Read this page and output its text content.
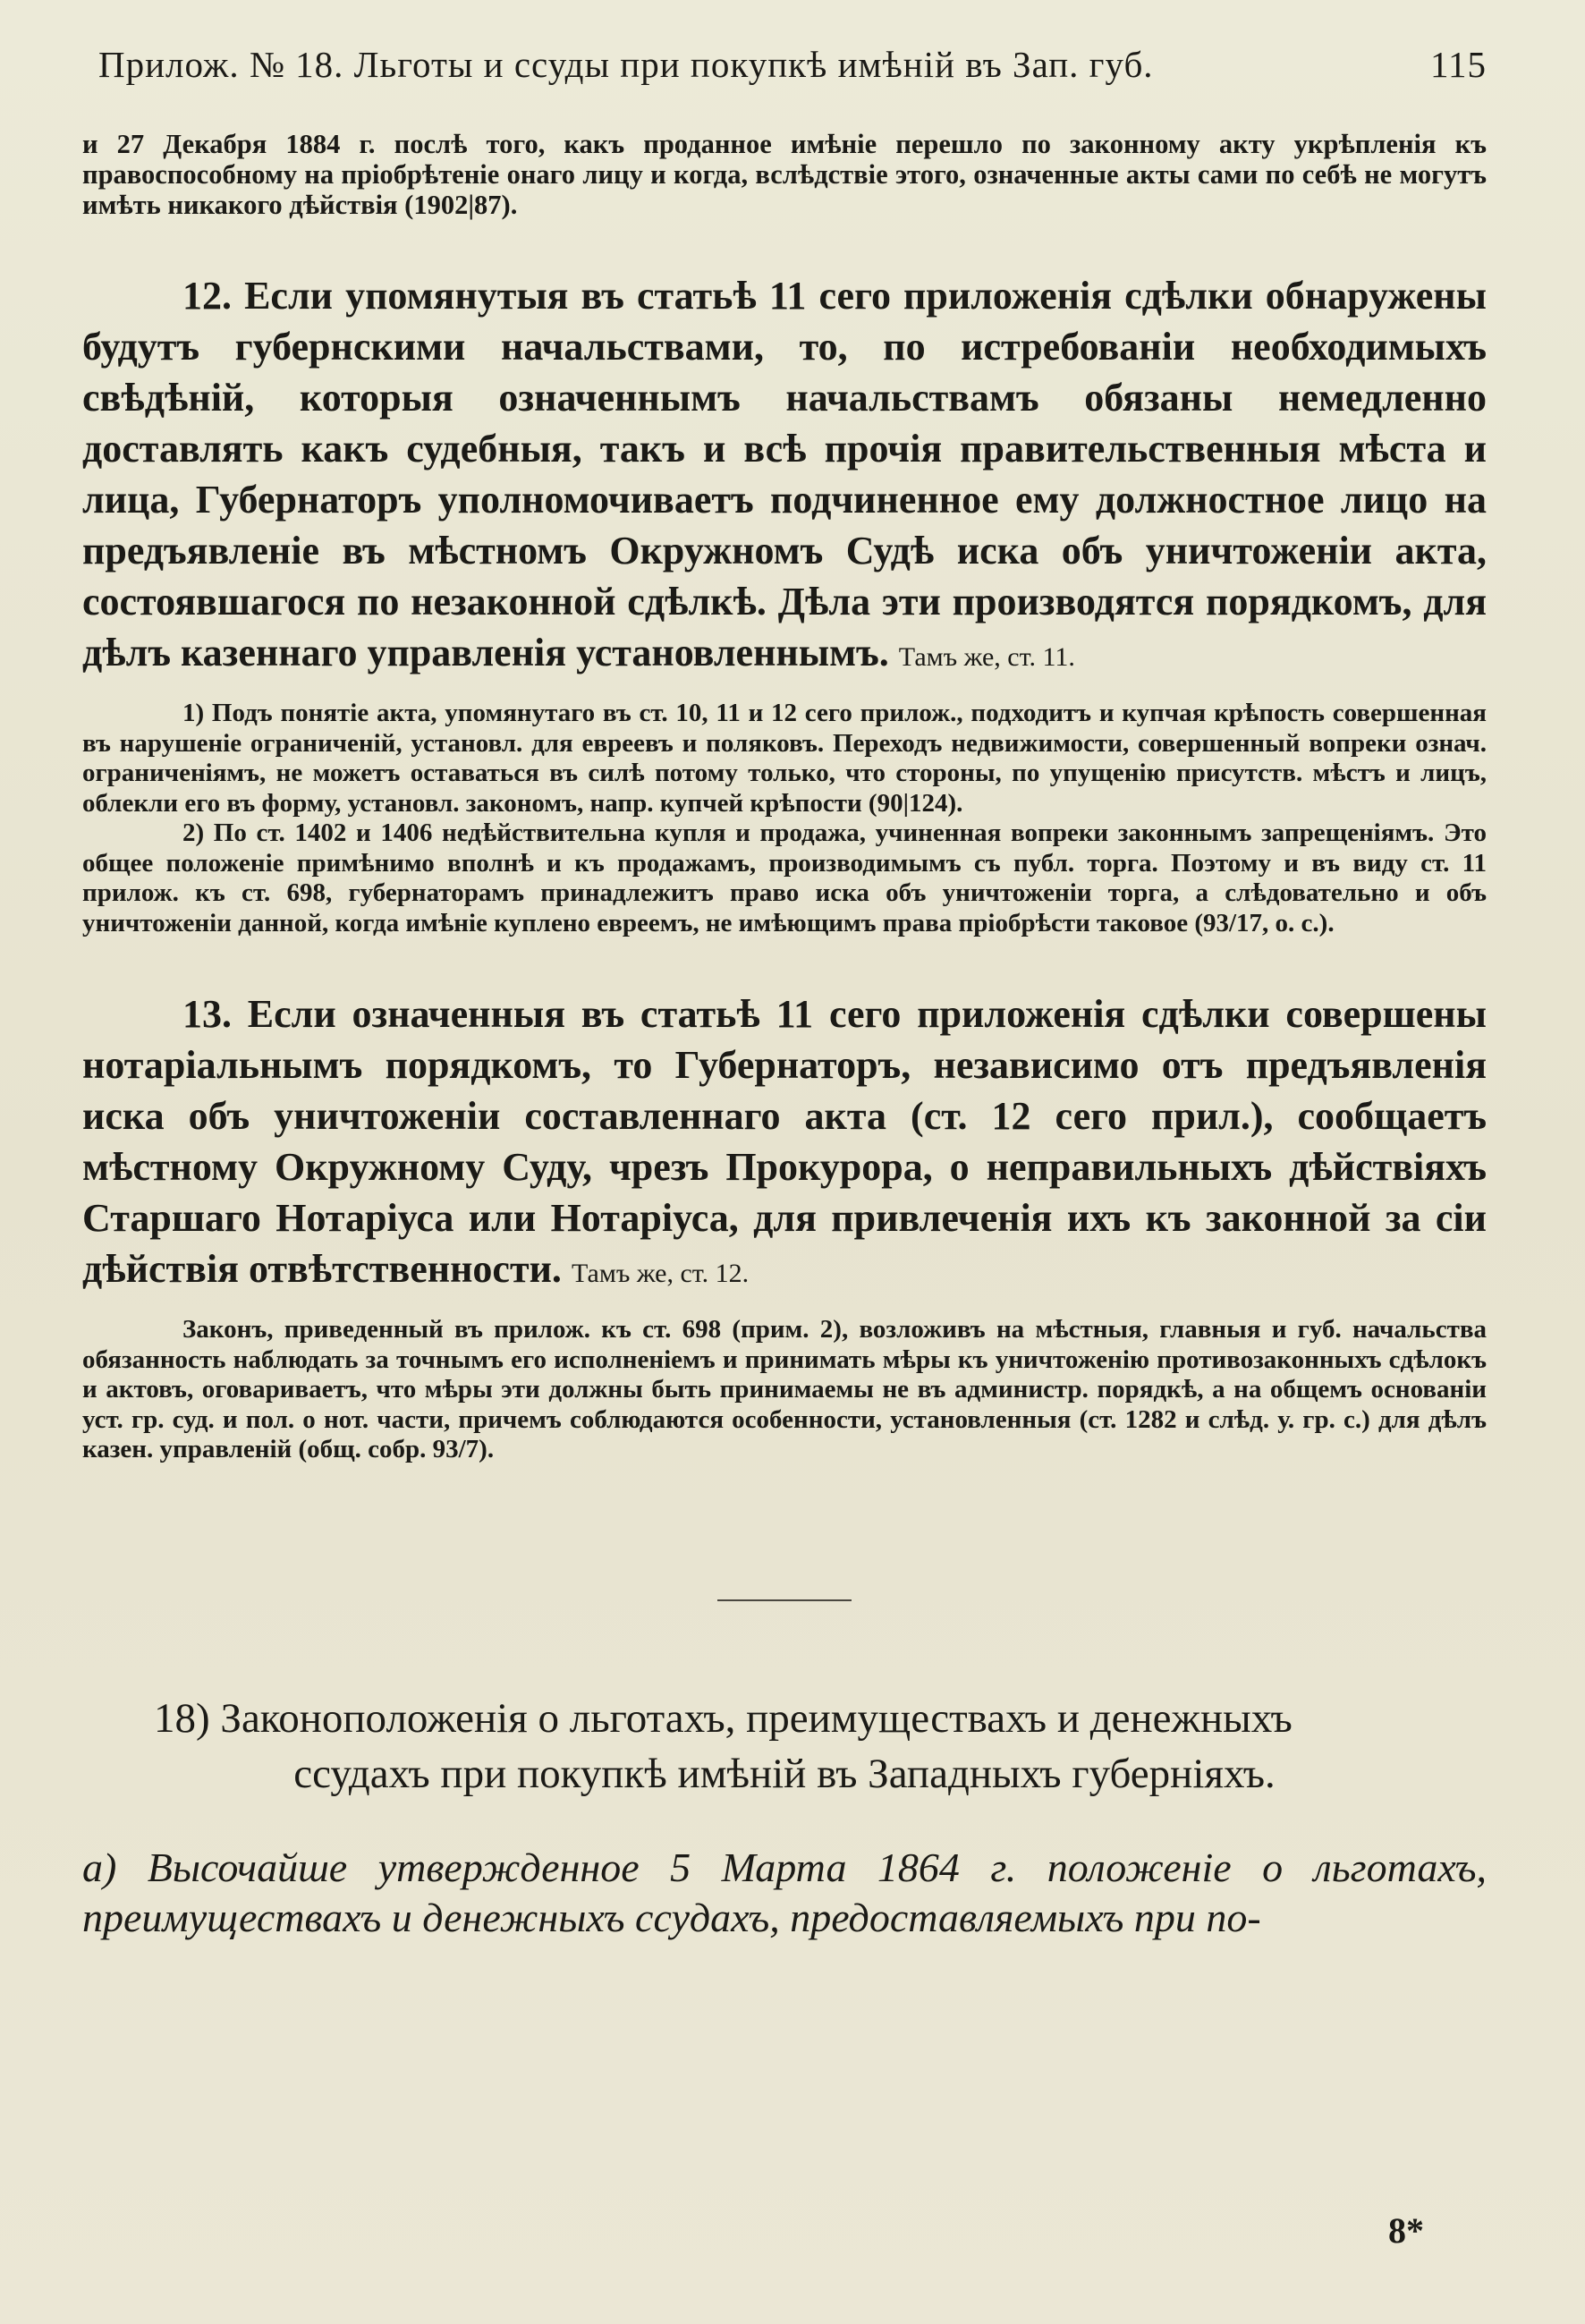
Прилож. № 18. Льготы и ссуды при покупкѣ имѣній въ Зап. губ.	115

и 27 Декабря 1884 г. послѣ того, какъ проданное имѣніе перешло по законному акту укрѣпленія къ правоспособному на пріобрѣтеніе онаго лицу и когда, вслѣдствіе этого, означенные акты сами по себѣ не могутъ имѣть никакого дѣйствія (1902|87).

12. Если упомянутыя въ статьѣ 11 сего приложенія сдѣлки обнаружены будутъ губернскими начальствами, то, по истребованіи необходимыхъ свѣдѣній, которыя означеннымъ начальствамъ обязаны немедленно доставлять какъ судебныя, такъ и всѣ прочія правительственныя мѣста и лица, Губернаторъ уполномочиваетъ подчиненное ему должностное лицо на предъявленіе въ мѣстномъ Окружномъ Судѣ иска объ уничтоженіи акта, состоявшагося по незаконной сдѣлкѣ. Дѣла эти производятся порядкомъ, для дѣлъ казеннаго управленія установленнымъ. Тамъ же, ст. 11.

1) Подъ понятіе акта, упомянутаго въ ст. 10, 11 и 12 сего прилож., подходитъ и купчая крѣпость совершенная въ нарушеніе ограниченій, установл. для евреевъ и поляковъ. Переходъ недвижимости, совершенный вопреки означ. ограниченіямъ, не можетъ оставаться въ силѣ потому только, что стороны, по упущенію присутств. мѣстъ и лицъ, облекли его въ форму, установл. закономъ, напр. купчей крѣпости (90|124).

2) По ст. 1402 и 1406 недѣйствительна купля и продажа, учиненная вопреки законнымъ запрещеніямъ. Это общее положеніе примѣнимо вполнѣ и къ продажамъ, производимымъ съ публ. торга. Поэтому и въ виду ст. 11 прилож. къ ст. 698, губернаторамъ принадлежитъ право иска объ уничтоженіи торга, а слѣдовательно и объ уничтоженіи данной, когда имѣніе куплено евреемъ, не имѣющимъ права пріобрѣсти таковое (93/17, о. с.).

13. Если означенныя въ статьѣ 11 сего приложенія сдѣлки совершены нотаріальнымъ порядкомъ, то Губернаторъ, независимо отъ предъявленія иска объ уничтоженіи составленнаго акта (ст. 12 сего прил.), сообщаетъ мѣстному Окружному Суду, чрезъ Прокурора, о неправильныхъ дѣйствіяхъ Старшаго Нотаріуса или Нотаріуса, для привлеченія ихъ къ законной за сіи дѣйствія отвѣтственности. Тамъ же, ст. 12.

Законъ, приведенный въ прилож. къ ст. 698 (прим. 2), возложивъ на мѣстныя, главныя и губ. начальства обязанность наблюдать за точнымъ его исполненіемъ и принимать мѣры къ уничтоженію противозаконныхъ сдѣлокъ и актовъ, оговариваетъ, что мѣры эти должны быть принимаемы не въ администр. порядкѣ, а на общемъ основаніи уст. гр. суд. и пол. о нот. части, причемъ соблюдаются особенности, установленныя (ст. 1282 и слѣд. у. гр. с.) для дѣлъ казен. управленій (общ. собр. 93/7).

18) Законоположенія о льготахъ, преимуществахъ и денежныхъ
ссудахъ при покупкѣ имѣній въ Западныхъ губерніяхъ.

а) Высочайше утвержденное 5 Марта 1864 г. положеніе о льготахъ, преимуществахъ и денежныхъ ссудахъ, предоставляемыхъ при по-

8*
